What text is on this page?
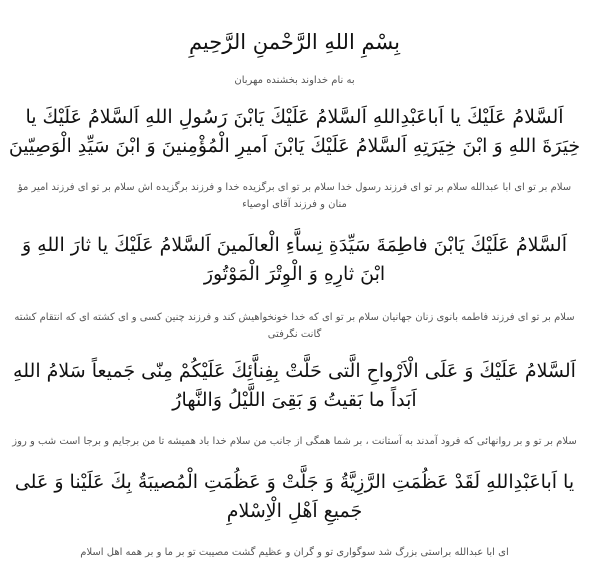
بِسْمِ اللهِ الرَّحْمنِ الرَّحِيمِ
به نام خداوند بخشنده مهربان
اَلسَّلامُ عَلَيْكَ يا اَباعَبْدِاللهِ اَلسَّلامُ عَلَيْكَ يَابْنَ رَسُولِ اللهِ اَلسَّلامُ عَلَيْكَ يا خِيَرَةَ اللهِ وَ ابْنَ خِيَرَتِهِ اَلسَّلامُ عَلَيْكَ يَابْنَ اَميرِ الْمُؤْمِنينَ وَ ابْنَ سَيِّدِ الْوَصِيّينَ
سلام بر تو ای ابا عبدالله سلام بر تو ای فرزند رسول خدا سلام بر تو ای برگزیده خدا و فرزند برگزیده اش سلام بر تو ای فرزند امیر مؤ منان و فرزند آقای اوصیاء
اَلسَّلامُ عَلَيْكَ يَابْنَ فاطِمَةَ سَيِّدَةِ نِساَّءِ الْعالَمينَ اَلسَّلامُ عَلَيْكَ يا ثارَ اللهِ وَ ابْنَ ثارِهِ وَ الْوِتْرَ الْمَوْتُورَ
سلام بر تو ای فرزند فاطمه بانوی زنان جهانیان سلام بر تو ای که خدا خونخواهیش کند و فرزند چنین کسی و ای کشته ای که انتقام کشته گانت نگرفتی
اَلسَّلامُ عَلَيْكَ وَ عَلَى الْاَرْواحِ الَّتى حَلَّتْ بِفِناَّئِكَ عَلَيْكُمْ مِنّى جَميعاً سَلامُ اللهِ اَبَداً ما بَقيتُ وَ بَقِىَ اللَّيْلُ وَالنَّهارُ
سلام بر تو و بر روانهائی که فرود آمدند به آستانت ، بر شما همگی از جانب من سلام خدا باد همیشه تا من برجایم و برجا است شب و روز
يا اَباعَبْدِاللهِ لَقَدْ عَظُمَتِ الرَّزِيَّةُ وَ جَلَّتْ وَ عَظُمَتِ الْمُصيبَةُ بِكَ عَلَيْنا وَ عَلى جَميعِ اَهْلِ الْاِسْلامِ
ای ابا عبدالله براستی بزرگ شد سوگواری تو و گران و عظیم گشت مصیبت تو بر ما و بر همه اهل اسلام
